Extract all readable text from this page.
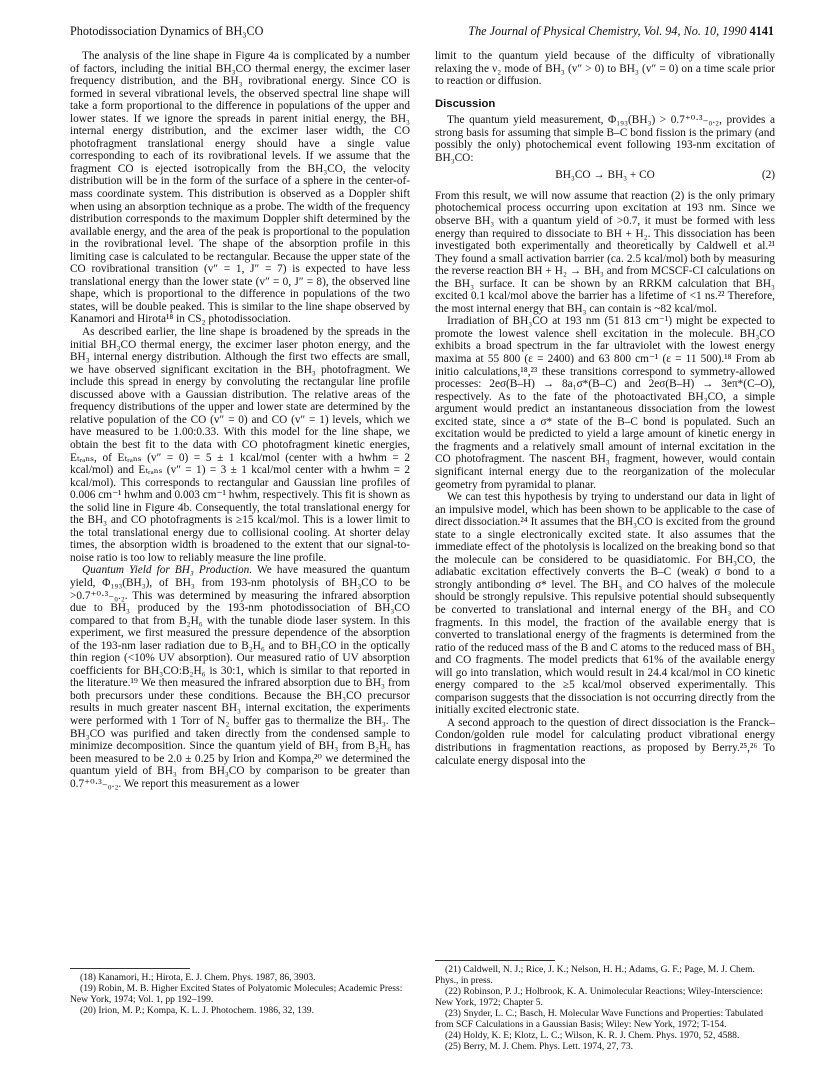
Photodissociation Dynamics of BH₃CO	The Journal of Physical Chemistry, Vol. 94, No. 10, 1990 4141

The analysis of the line shape in Figure 4a is complicated by a number of factors, including the initial BH₃CO thermal energy, the excimer laser frequency distribution, and the BH₃ rovibrational energy. Since CO is formed in several vibrational levels, the observed spectral line shape will take a form proportional to the difference in populations of the upper and lower states. If we ignore the spreads in parent initial energy, the BH₃ internal energy distribution, and the excimer laser width, the CO photofragment translational energy should have a single value corresponding to each of its rovibrational levels. If we assume that the fragment CO is ejected isotropically from the BH₃CO, the velocity distribution will be in the form of the surface of a sphere in the center-of-mass coordinate system. This distribution is observed as a Doppler shift when using an absorption technique as a probe. The width of the frequency distribution corresponds to the maximum Doppler shift determined by the available energy, and the area of the peak is proportional to the population in the rovibrational level. The shape of the absorption profile in this limiting case is calculated to be rectangular. Because the upper state of the CO rovibrational transition (v″ = 1, J″ = 7) is expected to have less translational energy than the lower state (v″ = 0, J″ = 8), the observed line shape, which is proportional to the difference in populations of the two states, will be double peaked. This is similar to the line shape observed by Kanamori and Hirota¹⁸ in CS₂ photodissociation.

As described earlier, the line shape is broadened by the spreads in the initial BH₃CO thermal energy, the excimer laser photon energy, and the BH₃ internal energy distribution. Although the first two effects are small, we have observed significant excitation in the BH₃ photofragment. We include this spread in energy by convoluting the rectangular line profile discussed above with a Gaussian distribution. The relative areas of the frequency distributions of the upper and lower state are determined by the relative population of the CO (v″ = 0) and CO (v″ = 1) levels, which we have measured to be 1.00:0.33. With this model for the line shape, we obtain the best fit to the data with CO photofragment kinetic energies, Eₜᵣₐₙₛ, of Eₜᵣₐₙₛ (v″ = 0) = 5 ± 1 kcal/mol (center with a hwhm = 2 kcal/mol) and Eₜᵣₐₙₛ (v″ = 1) = 3 ± 1 kcal/mol center with a hwhm = 2 kcal/mol). This corresponds to rectangular and Gaussian line profiles of 0.006 cm⁻¹ hwhm and 0.003 cm⁻¹ hwhm, respectively. This fit is shown as the solid line in Figure 4b. Consequently, the total translational energy for the BH₃ and CO photofragments is ≥15 kcal/mol. This is a lower limit to the total translational energy due to collisional cooling. At shorter delay times, the absorption width is broadened to the extent that our signal-to-noise ratio is too low to reliably measure the line profile.

Quantum Yield for BH₃ Production. We have measured the quantum yield, Φ₁₉₃(BH₃), of BH₃ from 193-nm photolysis of BH₃CO to be >0.7⁺⁰·³₋₀.₂. This was determined by measuring the infrared absorption due to BH₃ produced by the 193-nm photodissociation of BH₃CO compared to that from B₂H₆ with the tunable diode laser system. In this experiment, we first measured the pressure dependence of the absorption of the 193-nm laser radiation due to B₂H₆ and to BH₃CO in the optically thin region (<10% UV absorption). Our measured ratio of UV absorption coefficients for BH₃CO:B₂H₆ is 30:1, which is similar to that reported in the literature.¹⁹ We then measured the infrared absorption due to BH₃ from both precursors under these conditions. Because the BH₃CO precursor results in much greater nascent BH₃ internal excitation, the experiments were performed with 1 Torr of N₂ buffer gas to thermalize the BH₃. The BH₃CO was purified and taken directly from the condensed sample to minimize decomposition. Since the quantum yield of BH₃ from B₂H₆ has been measured to be 2.0 ± 0.25 by Irion and Kompa,²⁰ we determined the quantum yield of BH₃ from BH₃CO by comparison to be greater than 0.7⁺⁰·³₋₀.₂. We report this measurement as a lower

limit to the quantum yield because of the difficulty of vibrationally relaxing the ν₂ mode of BH₃ (v″ > 0) to BH₃ (v″ = 0) on a time scale prior to reaction or diffusion.

Discussion

The quantum yield measurement, Φ₁₉₃(BH₃) > 0.7⁺⁰·³₋₀.₂, provides a strong basis for assuming that simple B–C bond fission is the primary (and possibly the only) photochemical event following 193-nm excitation of BH₃CO:

BH₃CO → BH₃ + CO	(2)

From this result, we will now assume that reaction (2) is the only primary photochemical process occurring upon excitation at 193 nm. Since we observe BH₃ with a quantum yield of >0.7, it must be formed with less energy than required to dissociate to BH + H₂. This dissociation has been investigated both experimentally and theoretically by Caldwell et al.²¹ They found a small activation barrier (ca. 2.5 kcal/mol) both by measuring the reverse reaction BH + H₂ → BH₃ and from MCSCF-CI calculations on the BH₃ surface. It can be shown by an RRKM calculation that BH₃ excited 0.1 kcal/mol above the barrier has a lifetime of <1 ns.²² Therefore, the most internal energy that BH₃ can contain is ~82 kcal/mol.

Irradiation of BH₃CO at 193 nm (51 813 cm⁻¹) might be expected to promote the lowest valence shell excitation in the molecule. BH₃CO exhibits a broad spectrum in the far ultraviolet with the lowest energy maxima at 55 800 (ε = 2400) and 63 800 cm⁻¹ (ε = 11 500).¹⁸ From ab initio calculations,¹⁸,²³ these transitions correspond to symmetry-allowed processes: 2eσ(B–H) → 8a₁σ*(B–C) and 2eσ(B–H) → 3eπ*(C–O), respectively. As to the fate of the photoactivated BH₃CO, a simple argument would predict an instantaneous dissociation from the lowest excited state, since a σ* state of the B–C bond is populated. Such an excitation would be predicted to yield a large amount of kinetic energy in the fragments and a relatively small amount of internal excitation in the CO photofragment. The nascent BH₃ fragment, however, would contain significant internal energy due to the reorganization of the molecular geometry from pyramidal to planar.

We can test this hypothesis by trying to understand our data in light of an impulsive model, which has been shown to be applicable to the case of direct dissociation.²⁴ It assumes that the BH₃CO is excited from the ground state to a single electronically excited state. It also assumes that the immediate effect of the photolysis is localized on the breaking bond so that the molecule can be considered to be quasidiatomic. For BH₃CO, the adiabatic excitation effectively converts the B–C (weak) σ bond to a strongly antibonding σ* level. The BH₃ and CO halves of the molecule should be strongly repulsive. This repulsive potential should subsequently be converted to translational and internal energy of the BH₃ and CO fragments. In this model, the fraction of the available energy that is converted to translational energy of the fragments is determined from the ratio of the reduced mass of the B and C atoms to the reduced mass of BH₃ and CO fragments. The model predicts that 61% of the available energy will go into translation, which would result in 24.4 kcal/mol in CO kinetic energy compared to the ≥5 kcal/mol observed experimentally. This comparison suggests that the dissociation is not occurring directly from the initially excited electronic state.

A second approach to the question of direct dissociation is the Franck–Condon/golden rule model for calculating product vibrational energy distributions in fragmentation reactions, as proposed by Berry.²⁵,²⁶ To calculate energy disposal into the

(18) Kanamori, H.; Hirota, E. J. Chem. Phys. 1987, 86, 3903.

(19) Robin, M. B. Higher Excited States of Polyatomic Molecules; Academic Press: New York, 1974; Vol. 1, pp 192–199.

(20) Irion, M. P.; Kompa, K. L. J. Photochem. 1986, 32, 139.

(21) Caldwell, N. J.; Rice, J. K.; Nelson, H. H.; Adams, G. F.; Page, M. J. Chem. Phys., in press.

(22) Robinson, P. J.; Holbrook, K. A. Unimolecular Reactions; Wiley-Interscience: New York, 1972; Chapter 5.

(23) Snyder, L. C.; Basch, H. Molecular Wave Functions and Properties: Tabulated from SCF Calculations in a Gaussian Basis; Wiley: New York, 1972; T-154.

(24) Holdy, K. E; Klotz, L. C.; Wilson, K. R. J. Chem. Phys. 1970, 52, 4588.

(25) Berry, M. J. Chem. Phys. Lett. 1974, 27, 73.
